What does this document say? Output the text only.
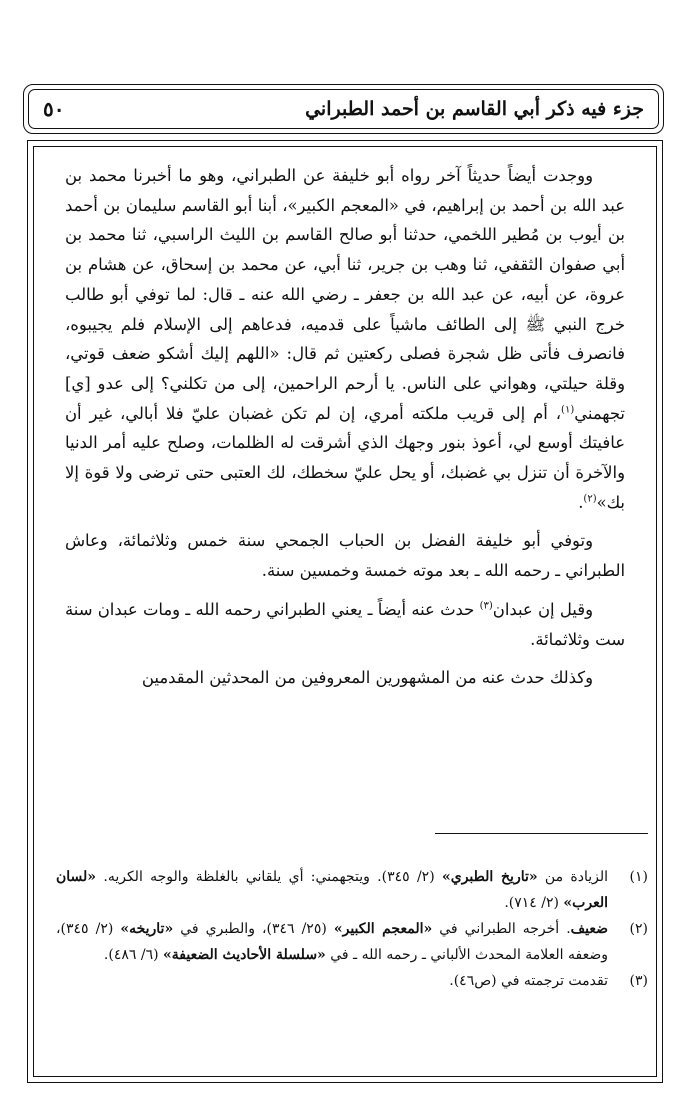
جزء فيه ذكر أبي القاسم بن أحمد الطبراني
٥٠

ووجدت أيضاً حديثاً آخر رواه أبو خليفة عن الطبراني، وهو ما أخبرنا محمد بن عبد الله بن أحمد بن إبراهيم، في «المعجم الكبير»، أبنا أبو القاسم سليمان بن أحمد بن أيوب بن مُطير اللخمي، حدثنا أبو صالح القاسم بن الليث الراسبي، ثنا محمد بن أبي صفوان الثقفي، ثنا وهب بن جرير، ثنا أبي، عن محمد بن إسحاق، عن هشام بن عروة، عن أبيه، عن عبد الله بن جعفر ـ رضي الله عنه ـ قال: لما توفي أبو طالب خرج النبي ﷺ إلى الطائف ماشياً على قدميه، فدعاهم إلى الإسلام فلم يجيبوه، فانصرف فأتى ظل شجرة فصلى ركعتين ثم قال: «اللهم إليك أشكو ضعف قوتي، وقلة حيلتي، وهواني على الناس. يا أرحم الراحمين، إلى من تكلني؟ إلى عدو [ي] تجهمني$^{(١)}$، أم إلى قريب ملكته أمري، إن لم تكن غضبان عليّ فلا أبالي، غير أن عافيتك أوسع لي، أعوذ بنور وجهك الذي أشرقت له الظلمات، وصلح عليه أمر الدنيا والآخرة أن تنزل بي غضبك، أو يحل عليّ سخطك، لك العتبى حتى ترضى ولا قوة إلا بك»$^{(٢)}$.

وتوفي أبو خليفة الفضل بن الحباب الجمحي سنة خمس وثلاثمائة، وعاش الطبراني ـ رحمه الله ـ بعد موته خمسة وخمسين سنة.

وقيل إن عبدان$^{(٣)}$ حدث عنه أيضاً ـ يعني الطبراني رحمه الله ـ ومات عبدان سنة ست وثلاثمائة.

وكذلك حدث عنه من المشهورين المعروفين من المحدثين المقدمين

(١)
الزيادة من «تاريخ الطبري» (٢/ ٣٤٥). ويتجهمني: أي يلقاني بالغلظة والوجه الكريه. «لسان العرب» (٢/ ٧١٤).
(٢)
ضعيف. أخرجه الطبراني في «المعجم الكبير» (٢٥/ ٣٤٦)، والطبري في «تاريخه» (٢/ ٣٤٥)، وضعفه العلامة المحدث الألباني ـ رحمه الله ـ في «سلسلة الأحاديث الضعيفة» (٦/ ٤٨٦).
(٣)
تقدمت ترجمته في (ص٤٦).
